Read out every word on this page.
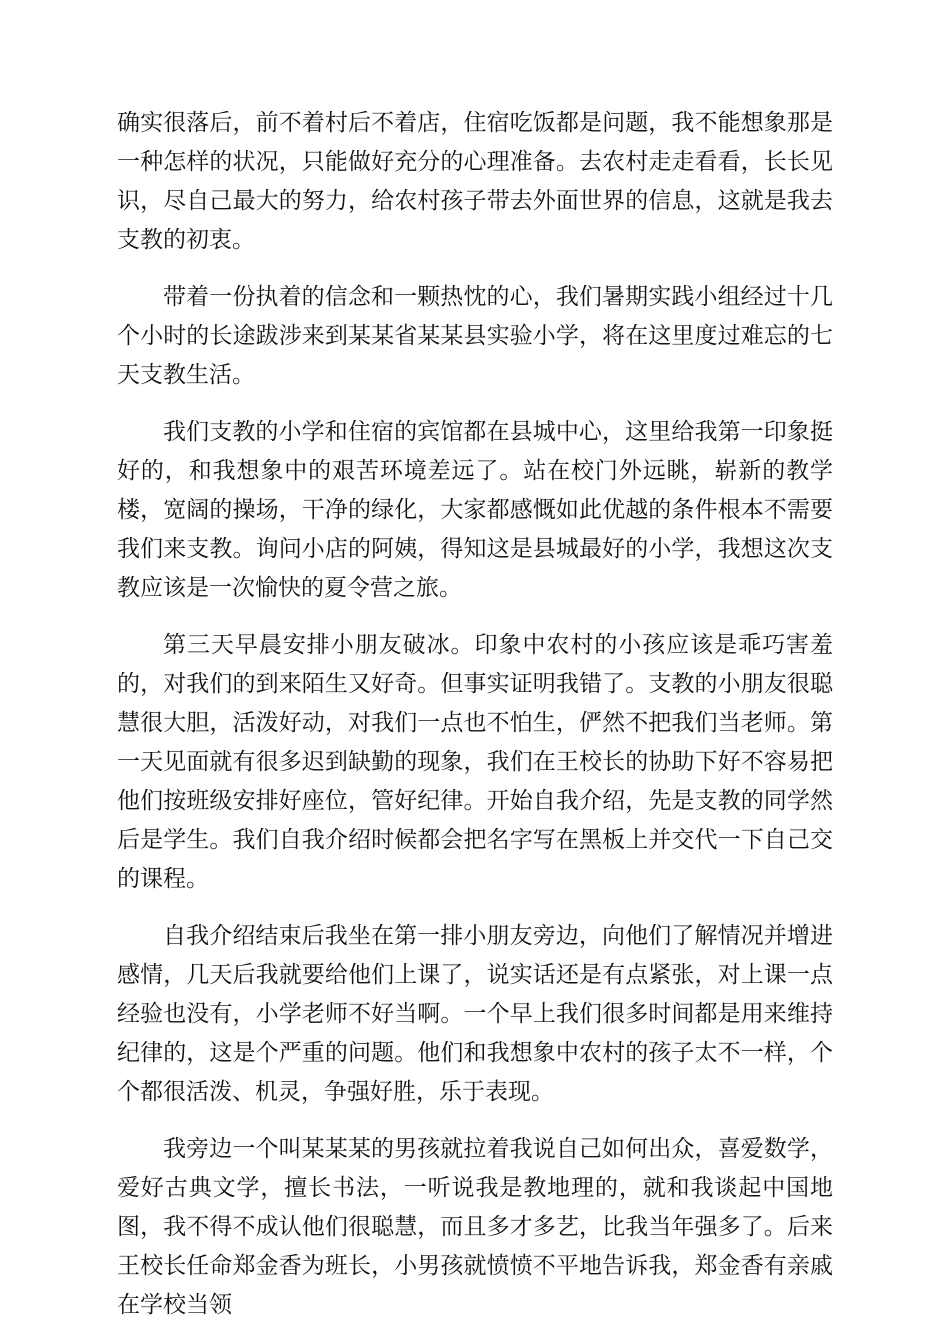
确实很落后，前不着村后不着店，住宿吃饭都是问题，我不能想象那是一种怎样的状况，只能做好充分的心理准备。去农村走走看看，长长见识，尽自己最大的努力，给农村孩子带去外面世界的信息，这就是我去支教的初衷。

带着一份执着的信念和一颗热忱的心，我们暑期实践小组经过十几个小时的长途跋涉来到某某省某某县实验小学，将在这里度过难忘的七天支教生活。

我们支教的小学和住宿的宾馆都在县城中心，这里给我第一印象挺好的，和我想象中的艰苦环境差远了。站在校门外远眺，崭新的教学楼，宽阔的操场，干净的绿化，大家都感慨如此优越的条件根本不需要我们来支教。询问小店的阿姨，得知这是县城最好的小学，我想这次支教应该是一次愉快的夏令营之旅。

第三天早晨安排小朋友破冰。印象中农村的小孩应该是乖巧害羞的，对我们的到来陌生又好奇。但事实证明我错了。支教的小朋友很聪慧很大胆，活泼好动，对我们一点也不怕生，俨然不把我们当老师。第一天见面就有很多迟到缺勤的现象，我们在王校长的协助下好不容易把他们按班级安排好座位，管好纪律。开始自我介绍，先是支教的同学然后是学生。我们自我介绍时候都会把名字写在黑板上并交代一下自己交的课程。

自我介绍结束后我坐在第一排小朋友旁边，向他们了解情况并增进感情，几天后我就要给他们上课了，说实话还是有点紧张，对上课一点经验也没有，小学老师不好当啊。一个早上我们很多时间都是用来维持纪律的，这是个严重的问题。他们和我想象中农村的孩子太不一样，个个都很活泼、机灵，争强好胜，乐于表现。

我旁边一个叫某某某的男孩就拉着我说自己如何出众，喜爱数学，爱好古典文学，擅长书法，一听说我是教地理的，就和我谈起中国地图，我不得不成认他们很聪慧，而且多才多艺，比我当年强多了。后来王校长任命郑金香为班长，小男孩就愤愤不平地告诉我，郑金香有亲戚在学校当领
